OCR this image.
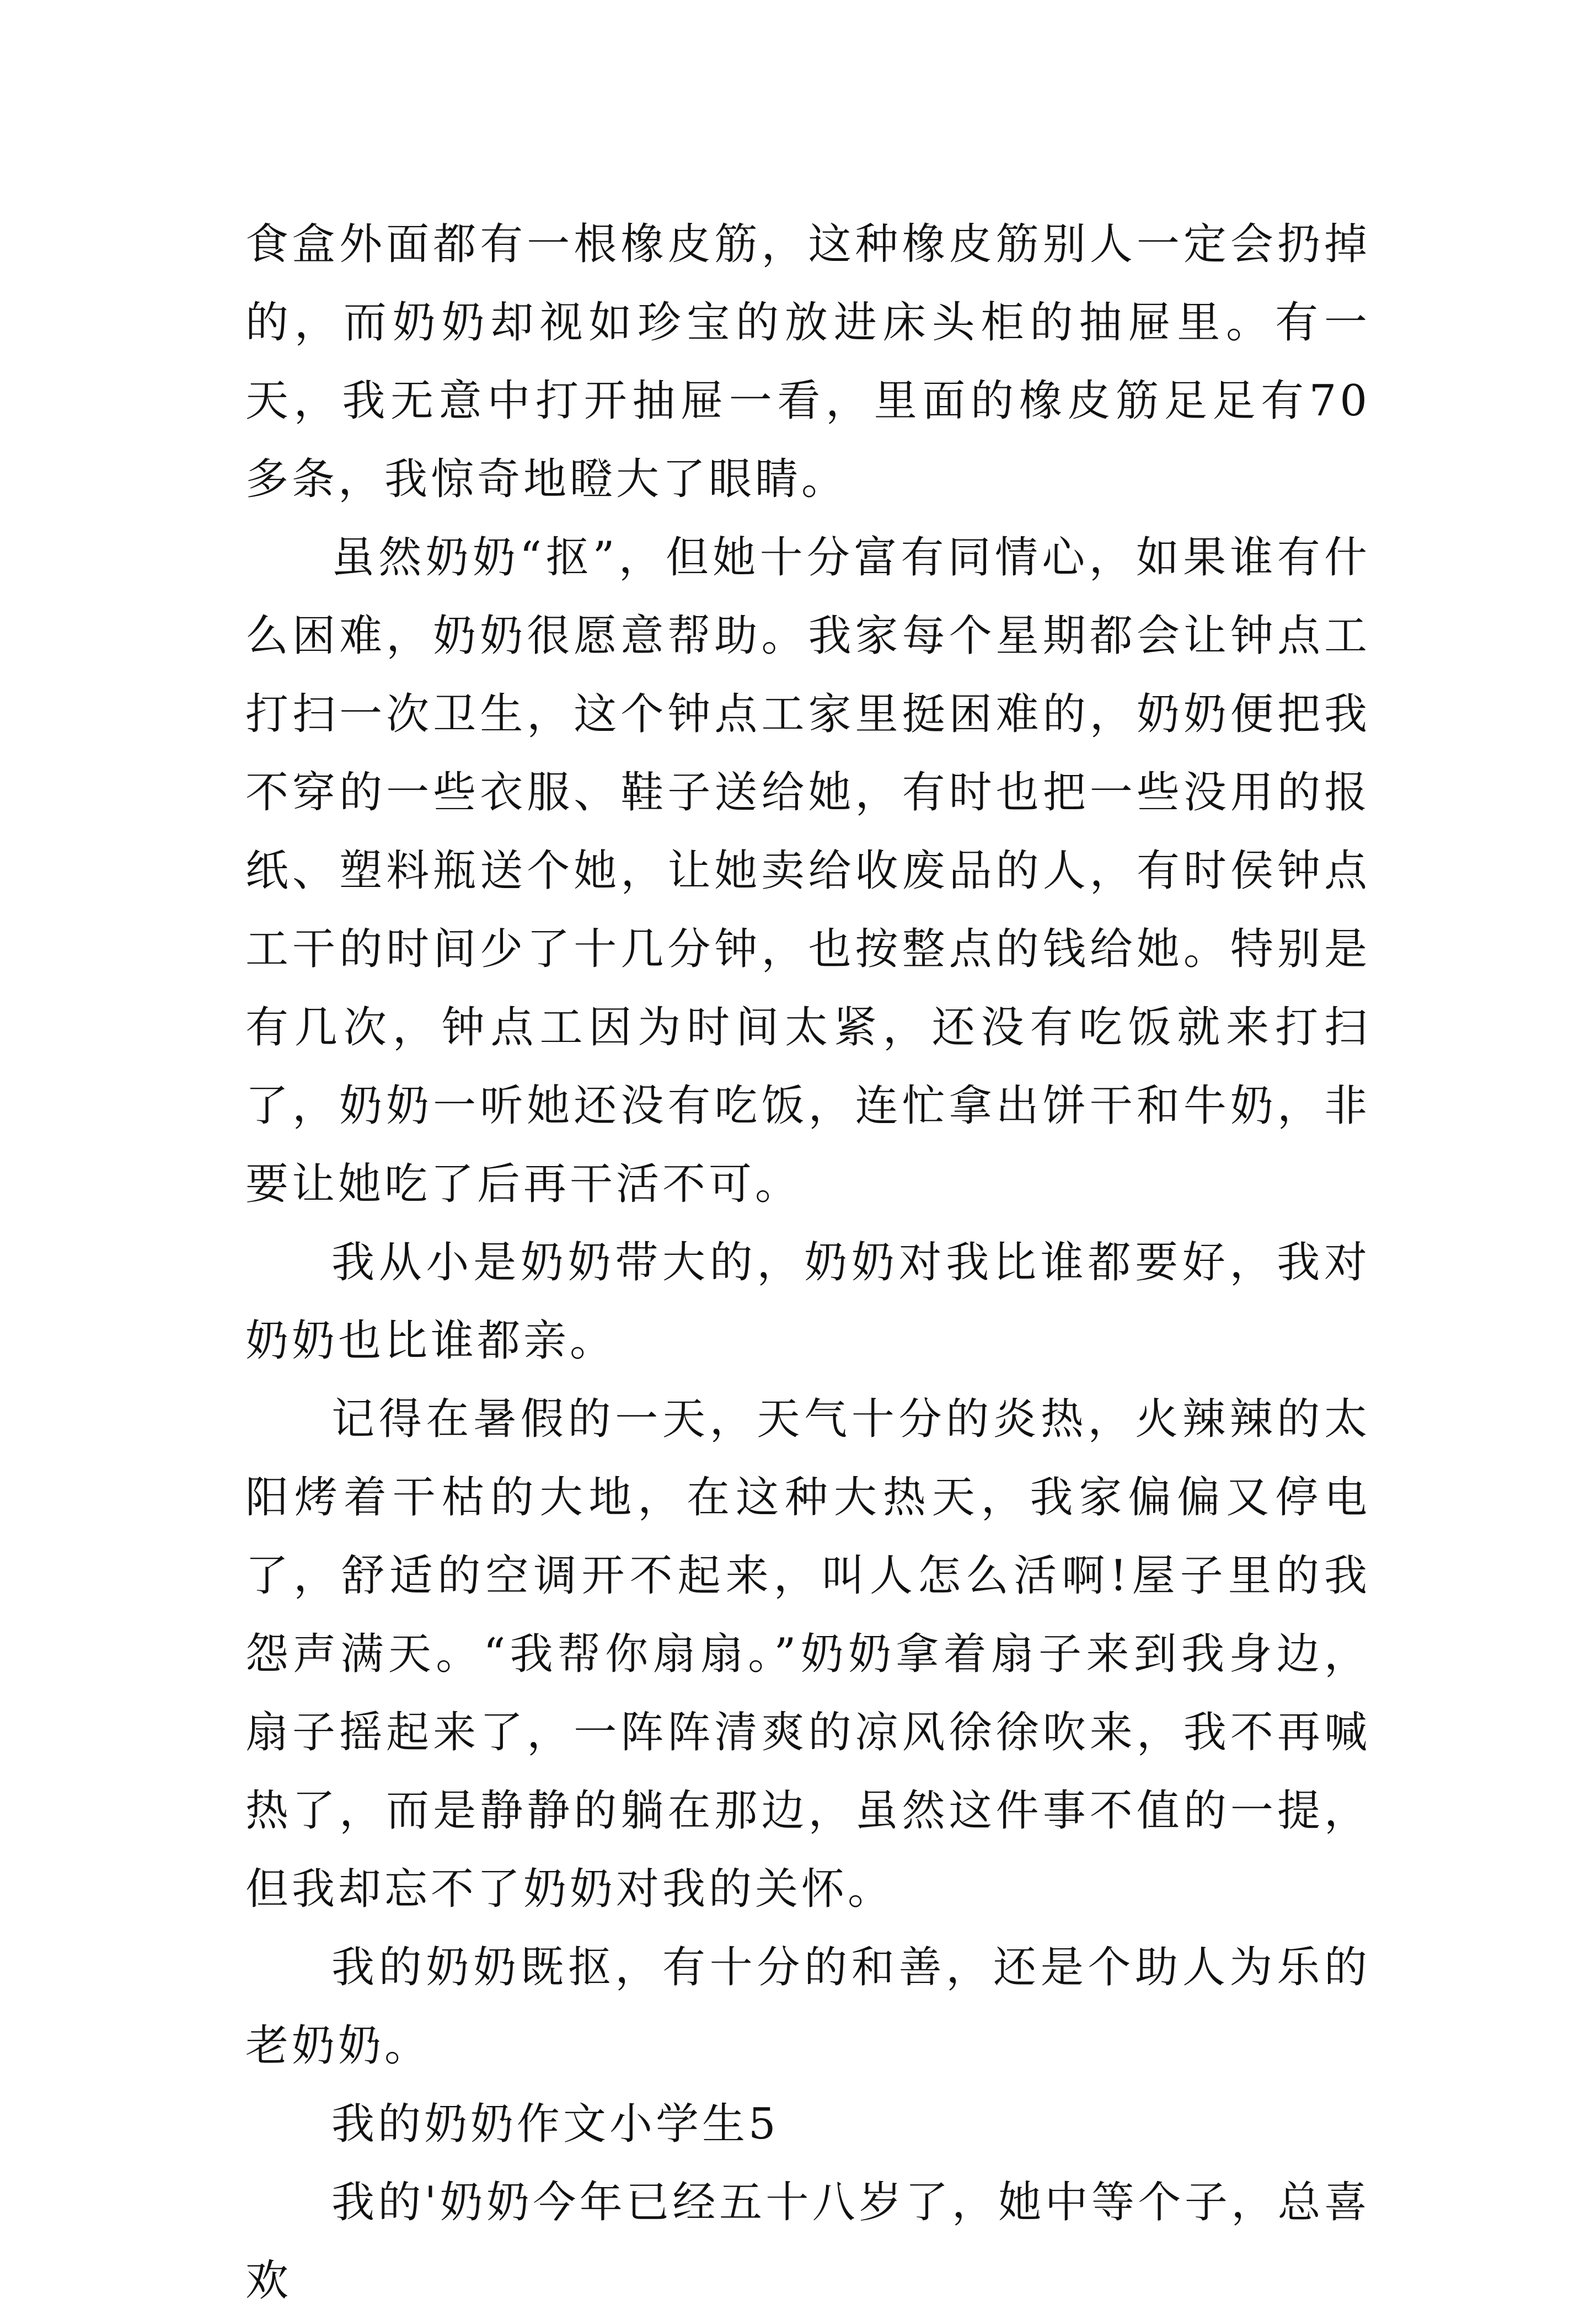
食盒外面都有一根橡皮筋，这种橡皮筋别人一定会扔掉的，而奶奶却视如珍宝的放进床头柜的抽屉里。有一天，我无意中打开抽屉一看，里面的橡皮筋足足有70多条，我惊奇地瞪大了眼睛。

虽然奶奶“抠”，但她十分富有同情心，如果谁有什么困难，奶奶很愿意帮助。我家每个星期都会让钟点工打扫一次卫生，这个钟点工家里挺困难的，奶奶便把我不穿的一些衣服、鞋子送给她，有时也把一些没用的报纸、塑料瓶送个她，让她卖给收废品的人，有时侯钟点工干的时间少了十几分钟，也按整点的钱给她。特别是有几次，钟点工因为时间太紧，还没有吃饭就来打扫了，奶奶一听她还没有吃饭，连忙拿出饼干和牛奶，非要让她吃了后再干活不可。

我从小是奶奶带大的，奶奶对我比谁都要好，我对奶奶也比谁都亲。

记得在暑假的一天，天气十分的炎热，火辣辣的太阳烤着干枯的大地，在这种大热天，我家偏偏又停电了，舒适的空调开不起来，叫人怎么活啊!屋子里的我怨声满天。“我帮你扇扇。”奶奶拿着扇子来到我身边，扇子摇起来了，一阵阵清爽的凉风徐徐吹来，我不再喊热了，而是静静的躺在那边，虽然这件事不值的一提，但我却忘不了奶奶对我的关怀。

我的奶奶既抠，有十分的和善，还是个助人为乐的老奶奶。

我的奶奶作文小学生5

我的'奶奶今年已经五十八岁了，她中等个子，总喜欢
